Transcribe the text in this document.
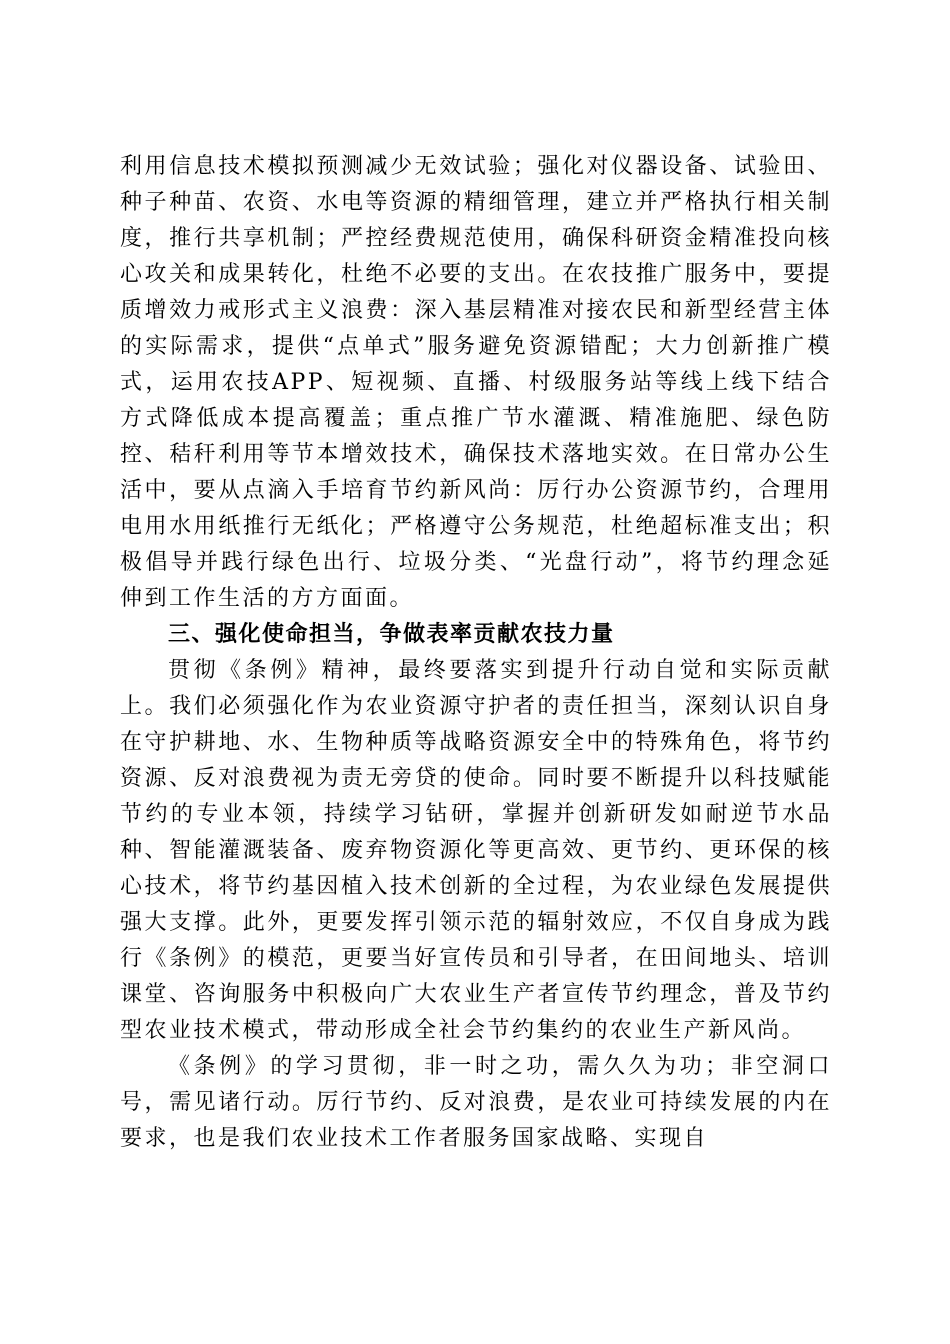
利用信息技术模拟预测减少无效试验；强化对仪器设备、试验田、种子种苗、农资、水电等资源的精细管理，建立并严格执行相关制度，推行共享机制；严控经费规范使用，确保科研资金精准投向核心攻关和成果转化，杜绝不必要的支出。在农技推广服务中，要提质增效力戒形式主义浪费：深入基层精准对接农民和新型经营主体的实际需求，提供“点单式”服务避免资源错配；大力创新推广模式，运用农技APP、短视频、直播、村级服务站等线上线下结合方式降低成本提高覆盖；重点推广节水灌溉、精准施肥、绿色防控、秸秆利用等节本增效技术，确保技术落地实效。在日常办公生活中，要从点滴入手培育节约新风尚：厉行办公资源节约，合理用电用水用纸推行无纸化；严格遵守公务规范，杜绝超标准支出；积极倡导并践行绿色出行、垃圾分类、“光盘行动”，将节约理念延伸到工作生活的方方面面。

三、强化使命担当，争做表率贡献农技力量

贯彻《条例》精神，最终要落实到提升行动自觉和实际贡献上。我们必须强化作为农业资源守护者的责任担当，深刻认识自身在守护耕地、水、生物种质等战略资源安全中的特殊角色，将节约资源、反对浪费视为责无旁贷的使命。同时要不断提升以科技赋能节约的专业本领，持续学习钻研，掌握并创新研发如耐逆节水品种、智能灌溉装备、废弃物资源化等更高效、更节约、更环保的核心技术，将节约基因植入技术创新的全过程，为农业绿色发展提供强大支撑。此外，更要发挥引领示范的辐射效应，不仅自身成为践行《条例》的模范，更要当好宣传员和引导者，在田间地头、培训课堂、咨询服务中积极向广大农业生产者宣传节约理念，普及节约型农业技术模式，带动形成全社会节约集约的农业生产新风尚。

《条例》的学习贯彻，非一时之功，需久久为功；非空洞口号，需见诸行动。厉行节约、反对浪费，是农业可持续发展的内在要求，也是我们农业技术工作者服务国家战略、实现自
